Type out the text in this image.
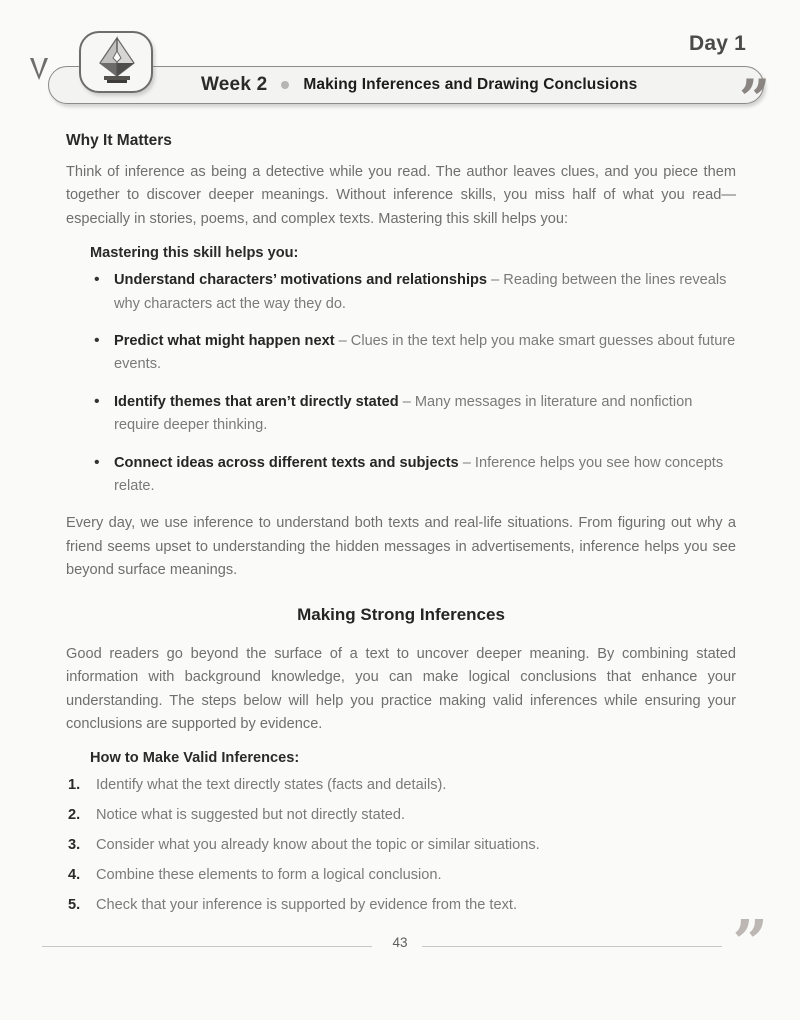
Day 1
Week 2 Making Inferences and Drawing Conclusions ”
Why It Matters

Think of inference as being a detective while you read. The author leaves clues, and you piece them together to discover deeper meanings. Without inference skills, you miss half of what you read—especially in stories, poems, and complex texts. Mastering this skill helps you:

Mastering this skill helps you:
• Understand characters’ motivations and relationships – Reading between the lines reveals why characters act the way they do.
• Predict what might happen next – Clues in the text help you make smart guesses about future events.
• Identify themes that aren’t directly stated – Many messages in literature and nonfiction require deeper thinking.
• Connect ideas across different texts and subjects – Inference helps you see how concepts relate.

Every day, we use inference to understand both texts and real-life situations. From figuring out why a friend seems upset to understanding the hidden messages in advertisements, inference helps you see beyond surface meanings.

Making Strong Inferences

Good readers go beyond the surface of a text to uncover deeper meaning. By combining stated information with background knowledge, you can make logical conclusions that enhance your understanding. The steps below will help you practice making valid inferences while ensuring your conclusions are supported by evidence.

How to Make Valid Inferences:
Identify what the text directly states (facts and details).
Notice what is suggested but not directly stated.
Consider what you already know about the topic or similar situations.
Combine these elements to form a logical conclusion.
Check that your inference is supported by evidence from the text.
43	”
